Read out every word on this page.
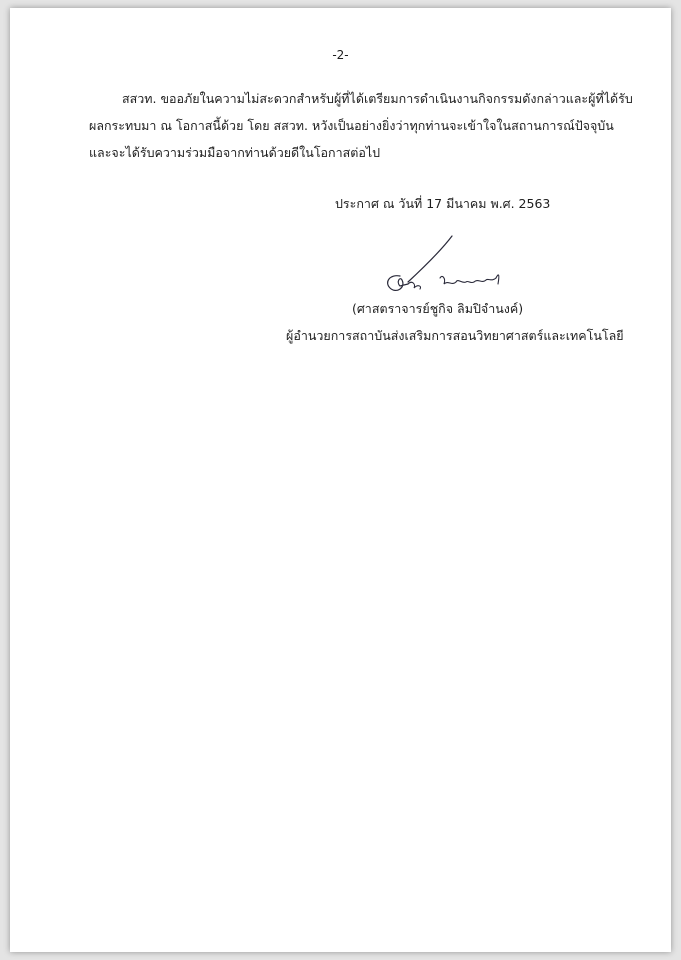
-2-
สสวท. ขออภัยในความไม่สะดวกสำหรับผู้ที่ได้เตรียมการดำเนินงานกิจกรรมดังกล่าวและผู้ที่ได้รับ
ผลกระทบมา ณ โอกาสนี้ด้วย โดย สสวท. หวังเป็นอย่างยิ่งว่าทุกท่านจะเข้าใจในสถานการณ์ปัจจุบัน
และจะได้รับความร่วมมือจากท่านด้วยดีในโอกาสต่อไป
ประกาศ ณ วันที่ 17 มีนาคม พ.ศ. 2563
(ศาสตราจารย์ชูกิจ ลิมปิจำนงค์)
ผู้อำนวยการสถาบันส่งเสริมการสอนวิทยาศาสตร์และเทคโนโลยี
